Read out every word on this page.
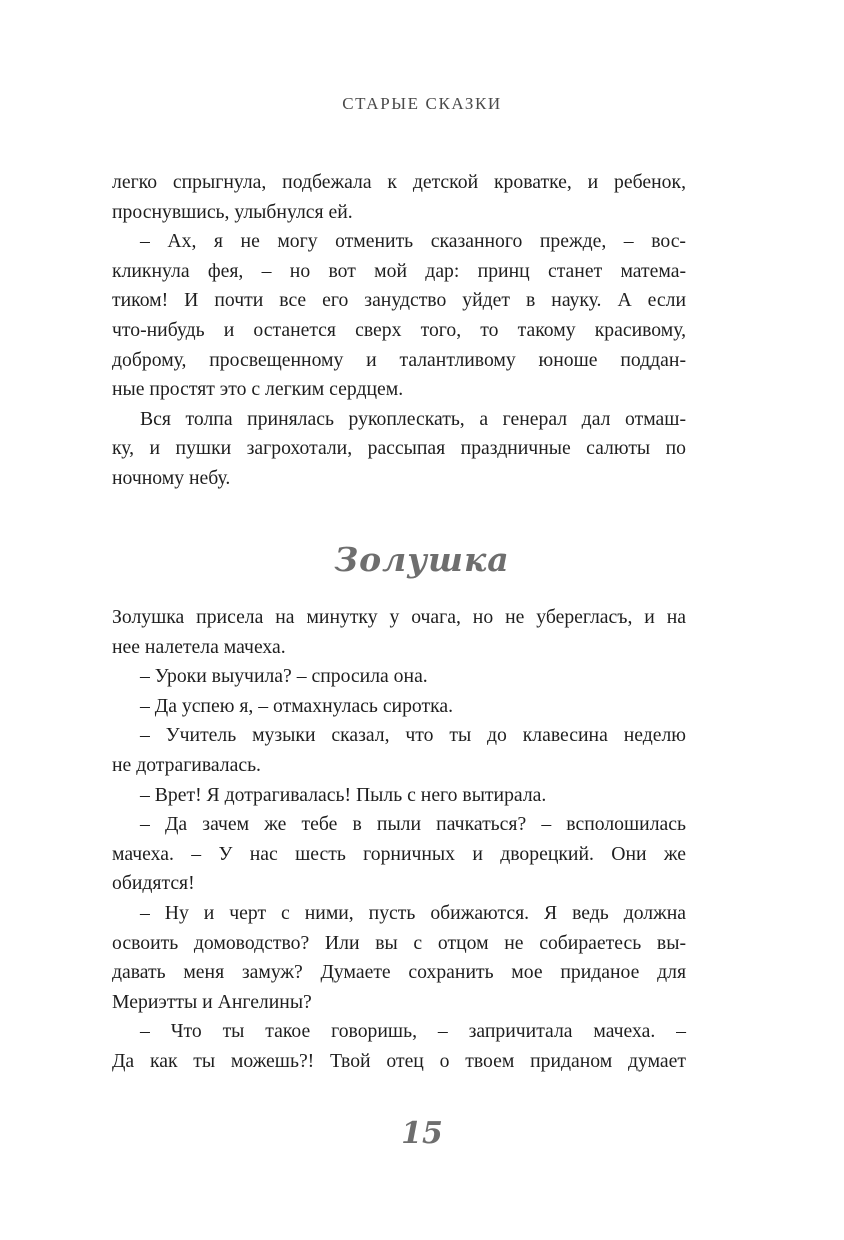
СТАРЫЕ СКАЗКИ

легко спрыгнула, подбежала к детской кроватке, и ребенок,

проснувшись, улыбнулся ей.

– Ах, я не могу отменить сказанного прежде, – вос-

кликнула фея, – но вот мой дар: принц станет матема-

тиком! И почти все его занудство уйдет в науку. А если

что-нибудь и останется сверх того, то такому красивому,

доброму, просвещенному и талантливому юноше поддан-

ные простят это с легким сердцем.

Вся толпа принялась рукоплескать, а генерал дал отмаш-

ку, и пушки загрохотали, рассыпая праздничные салюты по

ночному небу.

Золушка

Золушка присела на минутку у очага, но не уберегласъ, и на

нее налетела мачеха.

– Уроки выучила? – спросила она.

– Да успею я, – отмахнулась сиротка.

– Учитель музыки сказал, что ты до клавесина неделю

не дотрагивалась.

– Врет! Я дотрагивалась! Пыль с него вытирала.

– Да зачем же тебе в пыли пачкаться? – всполошилась

мачеха. – У нас шесть горничных и дворецкий. Они же

обидятся!

– Ну и черт с ними, пусть обижаются. Я ведь должна

освоить домоводство? Или вы с отцом не собираетесь вы-

давать меня замуж? Думаете сохранить мое приданое для

Мериэтты и Ангелины?

– Что ты такое говоришь, – запричитала мачеха. –

Да как ты можешь?! Твой отец о твоем приданом думает

15
